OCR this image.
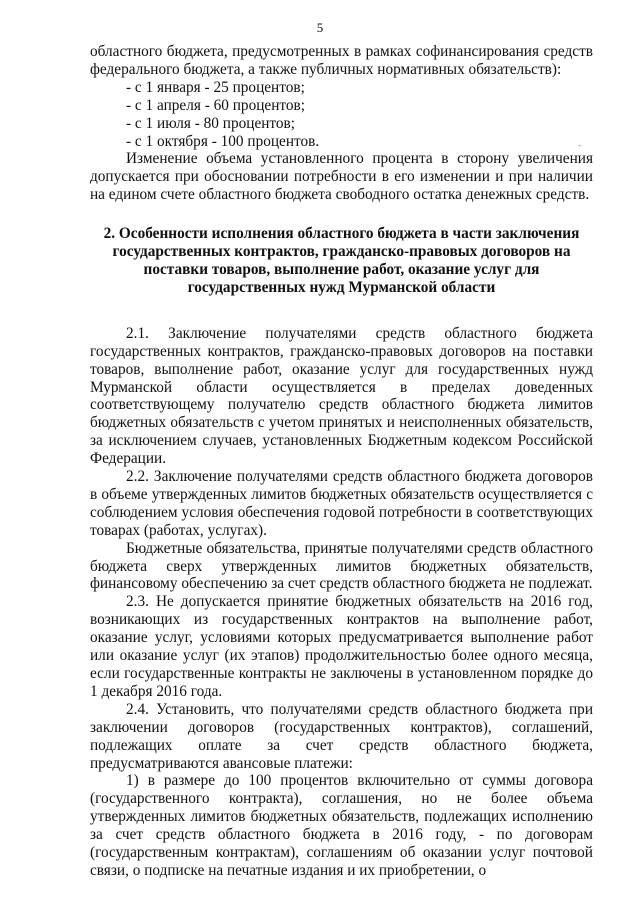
5
ˎ

областного бюджета, предусмотренных в рамках софинансирования средств федерального бюджета, а также публичных нормативных обязательств):

- с 1 января - 25 процентов;

- с 1 апреля - 60 процентов;

- с 1 июля - 80 процентов;

- с 1 октября - 100 процентов.

Изменение объема установленного процента в сторону увеличения допускается при обосновании потребности в его изменении и при наличии на едином счете областного бюджета свободного остатка денежных средств.

2. Особенности исполнения областного бюджета в части заключения государственных контрактов, гражданско-правовых договоров на поставки товаров, выполнение работ, оказание услуг для государственных нужд Мурманской области

2.1. Заключение получателями средств областного бюджета государственных контрактов, гражданско-правовых договоров на поставки товаров, выполнение работ, оказание услуг для государственных нужд Мурманской области осуществляется в пределах доведенных соответствующему получателю средств областного бюджета лимитов бюджетных обязательств с учетом принятых и неисполненных обязательств, за исключением случаев, установленных Бюджетным кодексом Российской Федерации.

2.2. Заключение получателями средств областного бюджета договоров в объеме утвержденных лимитов бюджетных обязательств осуществляется с соблюдением условия обеспечения годовой потребности в соответствующих товарах (работах, услугах).

Бюджетные обязательства, принятые получателями средств областного бюджета сверх утвержденных лимитов бюджетных обязательств, финансовому обеспечению за счет средств областного бюджета не подлежат.

2.3. Не допускается принятие бюджетных обязательств на 2016 год, возникающих из государственных контрактов на выполнение работ, оказание услуг, условиями которых предусматривается выполнение работ или оказание услуг (их этапов) продолжительностью более одного месяца, если государственные контракты не заключены в установленном порядке до 1 декабря 2016 года.

2.4. Установить, что получателями средств областного бюджета при заключении договоров (государственных контрактов), соглашений, подлежащих оплате за счет средств областного бюджета, предусматриваются авансовые платежи:

1) в размере до 100 процентов включительно от суммы договора (государственного контракта), соглашения, но не более объема утвержденных лимитов бюджетных обязательств, подлежащих исполнению за счет средств областного бюджета в 2016 году, - по договорам (государственным контрактам), соглашениям об оказании услуг почтовой связи, о подписке на печатные издания и их приобретении, о
